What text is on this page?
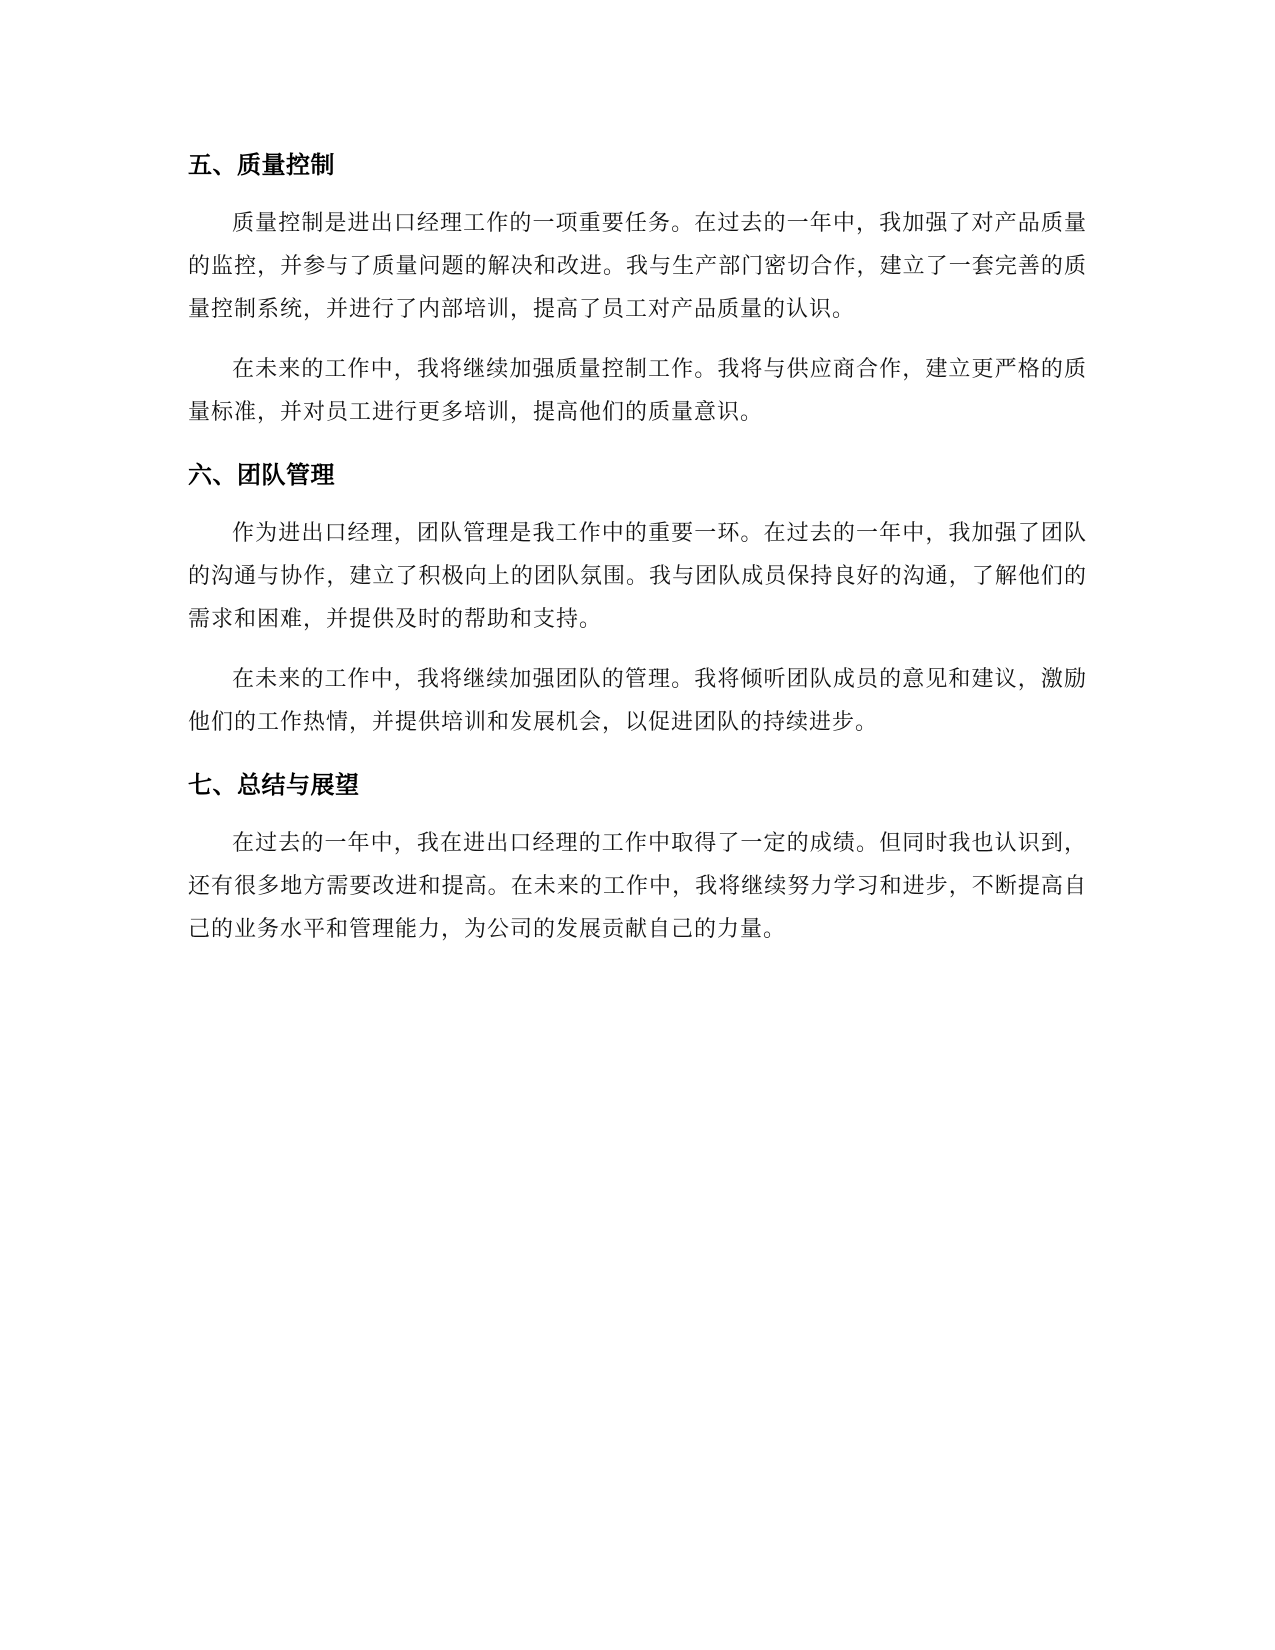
五、质量控制

质量控制是进出口经理工作的一项重要任务。在过去的一年中，我加强了对产品质量的监控，并参与了质量问题的解决和改进。我与生产部门密切合作，建立了一套完善的质量控制系统，并进行了内部培训，提高了员工对产品质量的认识。

在未来的工作中，我将继续加强质量控制工作。我将与供应商合作，建立更严格的质量标准，并对员工进行更多培训，提高他们的质量意识。

六、团队管理

作为进出口经理，团队管理是我工作中的重要一环。在过去的一年中，我加强了团队的沟通与协作，建立了积极向上的团队氛围。我与团队成员保持良好的沟通，了解他们的需求和困难，并提供及时的帮助和支持。

在未来的工作中，我将继续加强团队的管理。我将倾听团队成员的意见和建议，激励他们的工作热情，并提供培训和发展机会，以促进团队的持续进步。

七、总结与展望

在过去的一年中，我在进出口经理的工作中取得了一定的成绩。但同时我也认识到，还有很多地方需要改进和提高。在未来的工作中，我将继续努力学习和进步，不断提高自己的业务水平和管理能力，为公司的发展贡献自己的力量。
